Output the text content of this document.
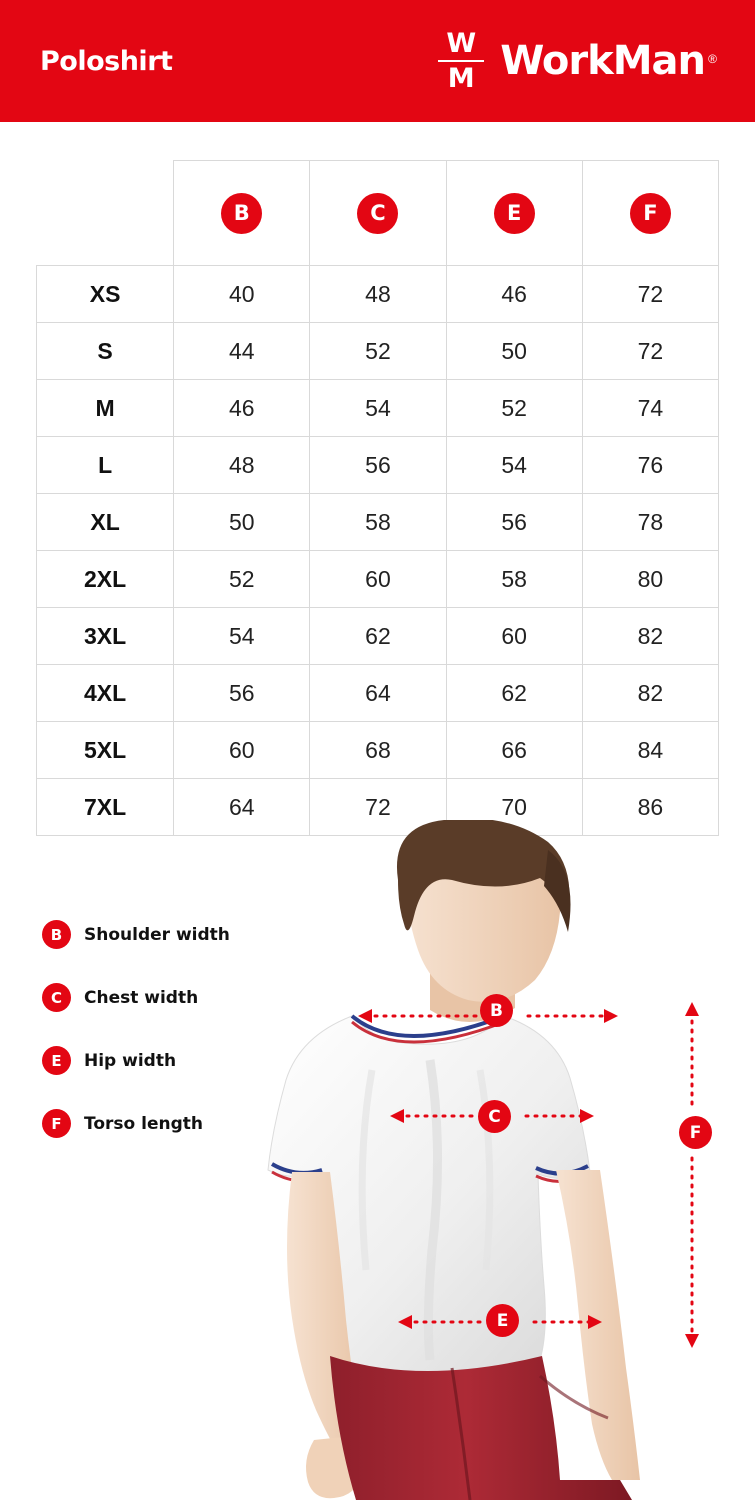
Poloshirt
W
M WorkMan ®
	B	C	E	F
XS	40	48	46	72
S	44	52	50	72
M	46	54	52	74
L	48	56	54	76
XL	50	58	56	78
2XL	52	60	58	80
3XL	54	62	60	82
4XL	56	64	62	82
5XL	60	68	66	84
7XL	64	72	70	86
B
C
E
F
B	Shoulder width
C	Chest width
E	Hip width
F	Torso length
